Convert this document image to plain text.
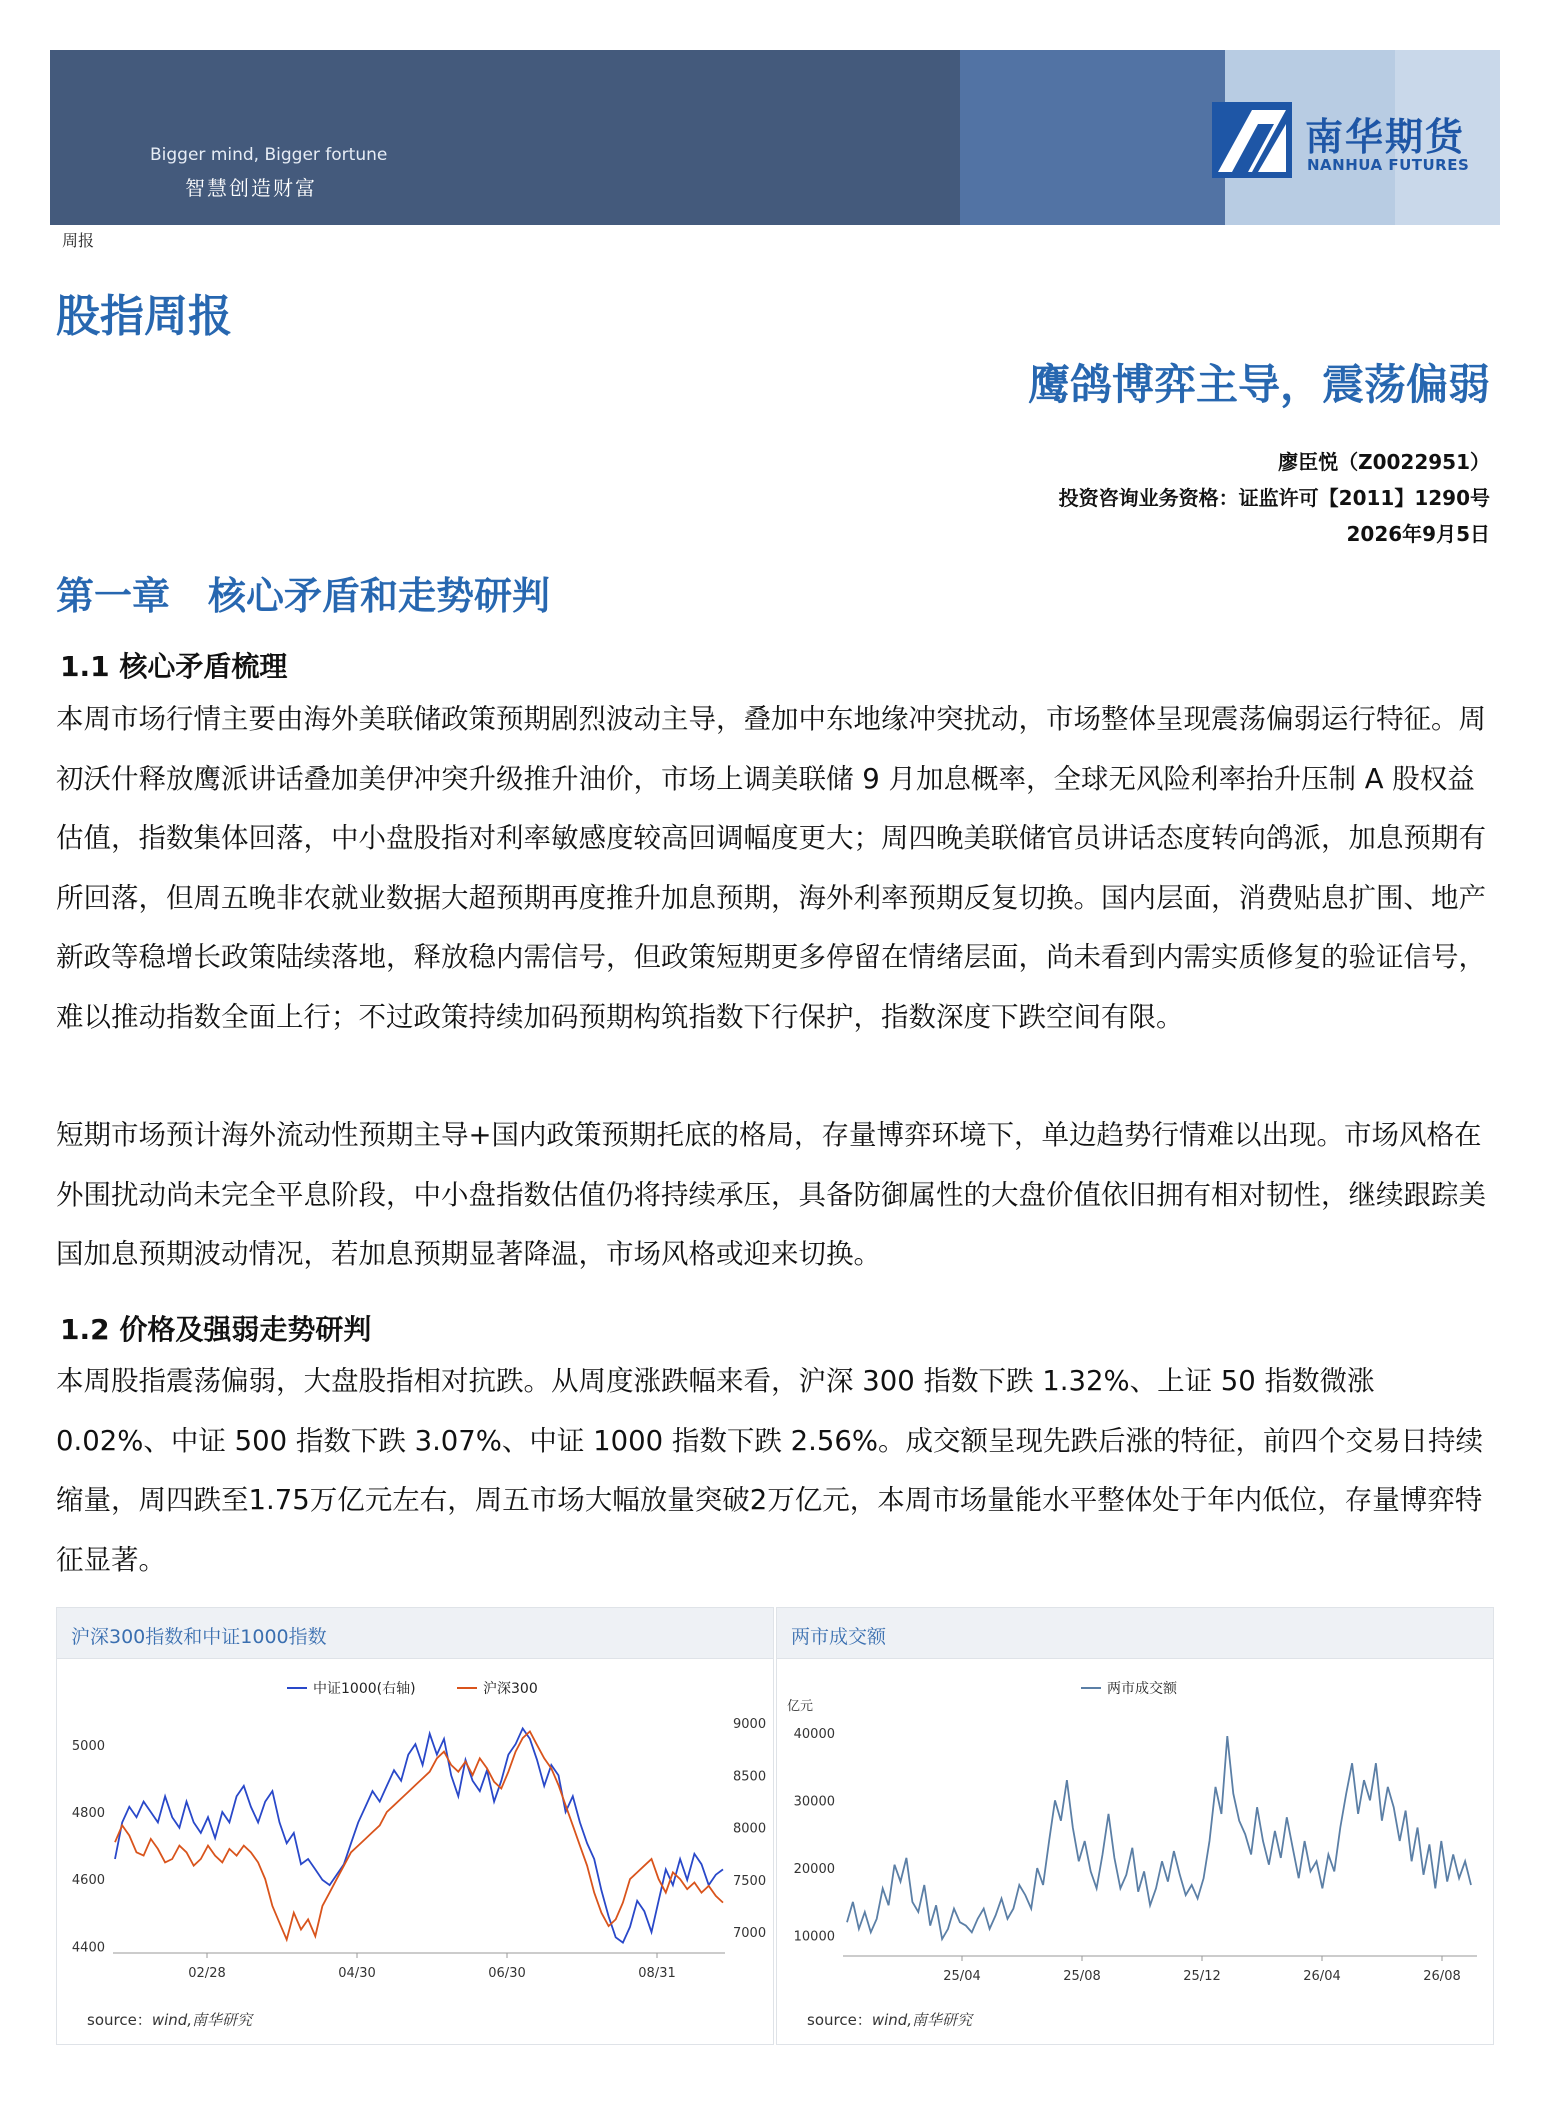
Bigger mind, Bigger fortune
智慧创造财富
南华期货
NANHUA FUTURES
周报
股指周报
鹰鸽博弈主导，震荡偏弱
廖臣悦（Z0022951）
投资咨询业务资格：证监许可【2011】1290号
2026年9月5日
第一章　核心矛盾和走势研判
1.1 核心矛盾梳理

本周市场行情主要由海外美联储政策预期剧烈波动主导，叠加中东地缘冲突扰动，市场整体呈现震荡偏弱运行特征。周初沃什释放鹰派讲话叠加美伊冲突升级推升油价，市场上调美联储 9 月加息概率，全球无风险利率抬升压制 A 股权益估值，指数集体回落，中小盘股指对利率敏感度较高回调幅度更大；周四晚美联储官员讲话态度转向鸽派，加息预期有所回落，但周五晚非农就业数据大超预期再度推升加息预期，海外利率预期反复切换。国内层面，消费贴息扩围、地产新政等稳增长政策陆续落地，释放稳内需信号，但政策短期更多停留在情绪层面，尚未看到内需实质修复的验证信号，难以推动指数全面上行；不过政策持续加码预期构筑指数下行保护，指数深度下跌空间有限。

短期市场预计海外流动性预期主导+国内政策预期托底的格局，存量博弈环境下，单边趋势行情难以出现。市场风格在外围扰动尚未完全平息阶段，中小盘指数估值仍将持续承压，具备防御属性的大盘价值依旧拥有相对韧性，继续跟踪美国加息预期波动情况，若加息预期显著降温，市场风格或迎来切换。

1.2 价格及强弱走势研判

本周股指震荡偏弱，大盘股指相对抗跌。从周度涨跌幅来看，沪深 300 指数下跌 1.32%、上证 50 指数微涨 0.02%、中证 500 指数下跌 3.07%、中证 1000 指数下跌 2.56%。成交额呈现先跌后涨的特征，前四个交易日持续缩量，周四跌至1.75万亿元左右，周五市场大幅放量突破2万亿元，本周市场量能水平整体处于年内低位，存量博弈特征显著。

沪深300指数和中证1000指数
4400
4600
4800
5000
7000
7500
8000
8500
9000
02/28	04/30	06/30	08/31
中证1000(右轴)	沪深300
source：wind,南华研究
两市成交额
亿元
10000
20000
30000
40000
25/04	25/08	25/12	26/04	26/08
两市成交额
source：wind,南华研究
